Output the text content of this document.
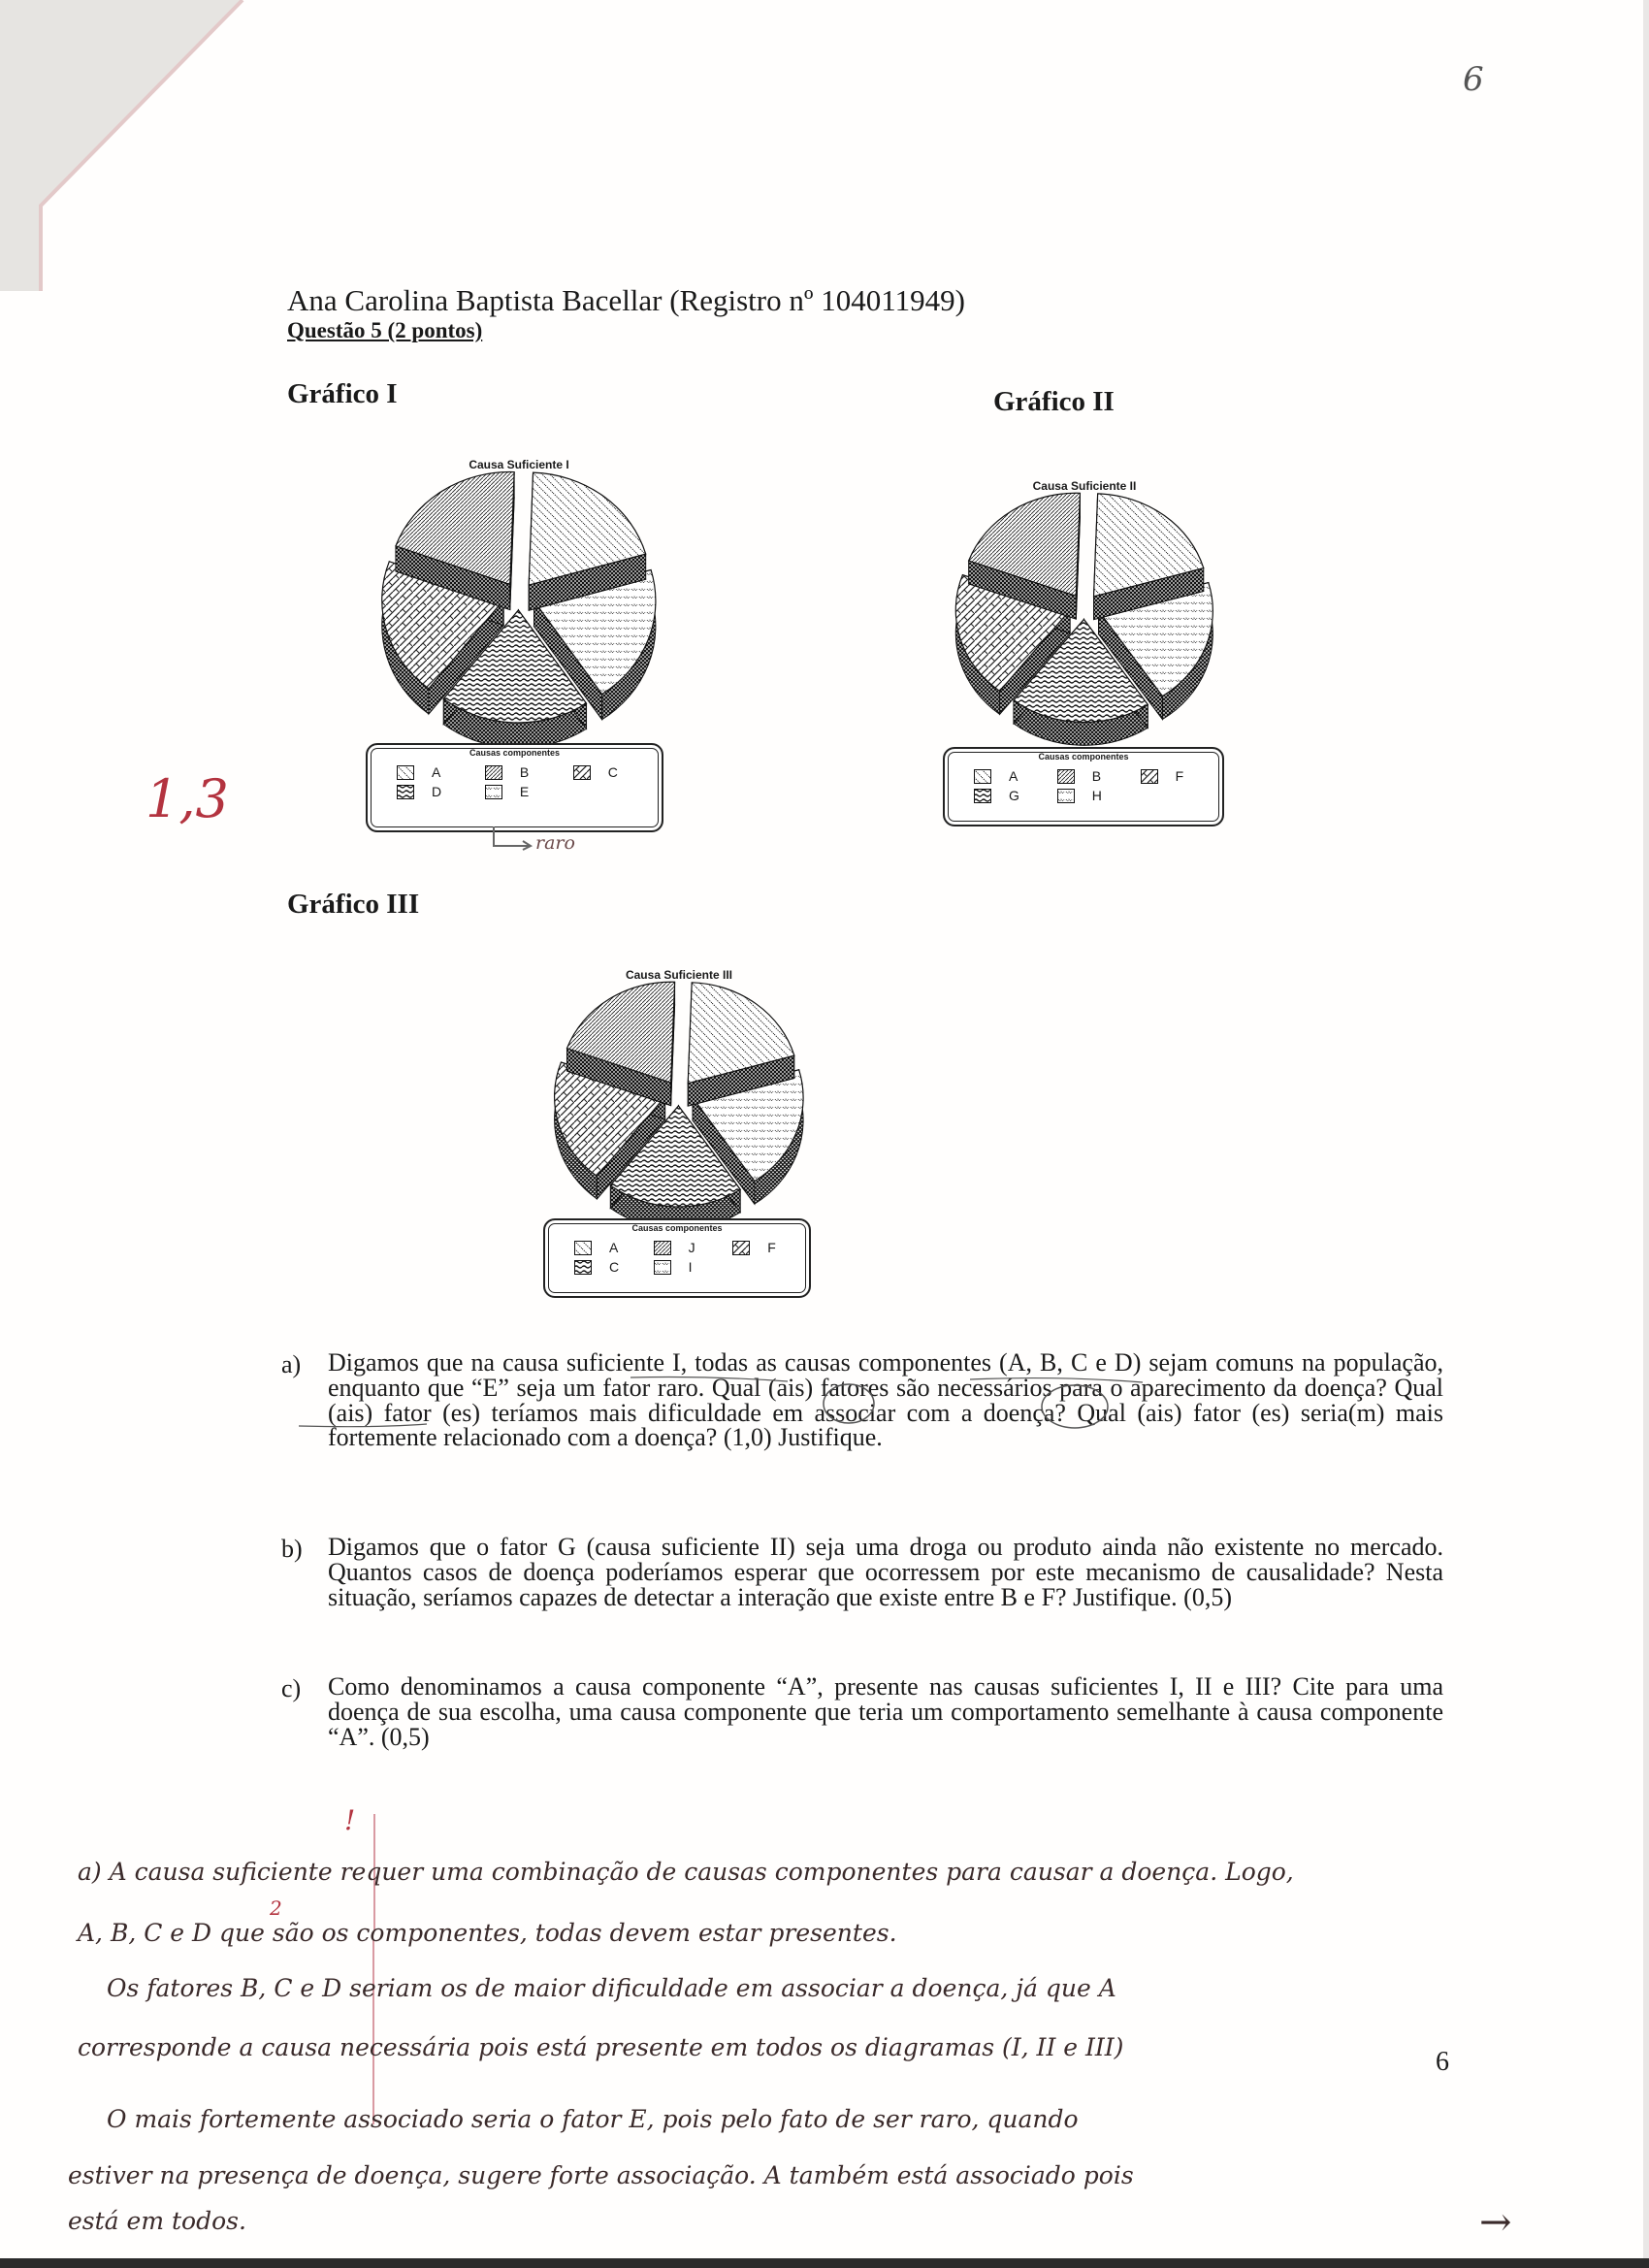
6
Ana Carolina Baptista Bacellar (Registro nº 104011949)
Questão 5 (2 pontos)
Gráfico I	Gráfico II
Gráfico III
Causa Suficiente I
Causas componentes
A	B	C
D	E
raro
Causa Suficiente II
Causas componentes
A	B	F
G	H
Causa Suficiente III
Causas componentes
A	J	F
C	I
1,3
a) Digamos que na causa suficiente I, todas as causas componentes (A, B, C e D) sejam comuns na população, enquanto que “E” seja um fator raro. Qual (ais) fatores são necessários para o aparecimento da doença? Qual (ais) fator (es) teríamos mais dificuldade em associar com a doença? Qual (ais) fator (es) seria(m) mais fortemente relacionado com a doença? (1,0) Justifique.
b) Digamos que o fator G (causa suficiente II) seja uma droga ou produto ainda não existente no mercado. Quantos casos de doença poderíamos esperar que ocorressem por este mecanismo de causalidade? Nesta situação, seríamos capazes de detectar a interação que existe entre B e F? Justifique. (0,5)
c) Como denominamos a causa componente “A”, presente nas causas suficientes I, II e III? Cite para uma doença de sua escolha, uma causa componente que teria um comportamento semelhante à causa componente “A”. (0,5)
!
2
a) A causa suficiente requer uma combinação de causas componentes para causar a doença. Logo,
A, B, C e D que são os componentes, todas devem estar presentes.
Os fatores B, C e D seriam os de maior dificuldade em associar a doença, já que A
corresponde a causa necessária pois está presente em todos os diagramas (I, II e III)	6
O mais fortemente associado seria o fator E, pois pelo fato de ser raro, quando
estiver na presença de doença, sugere forte associação. A também está associado pois
está em todos.	→
